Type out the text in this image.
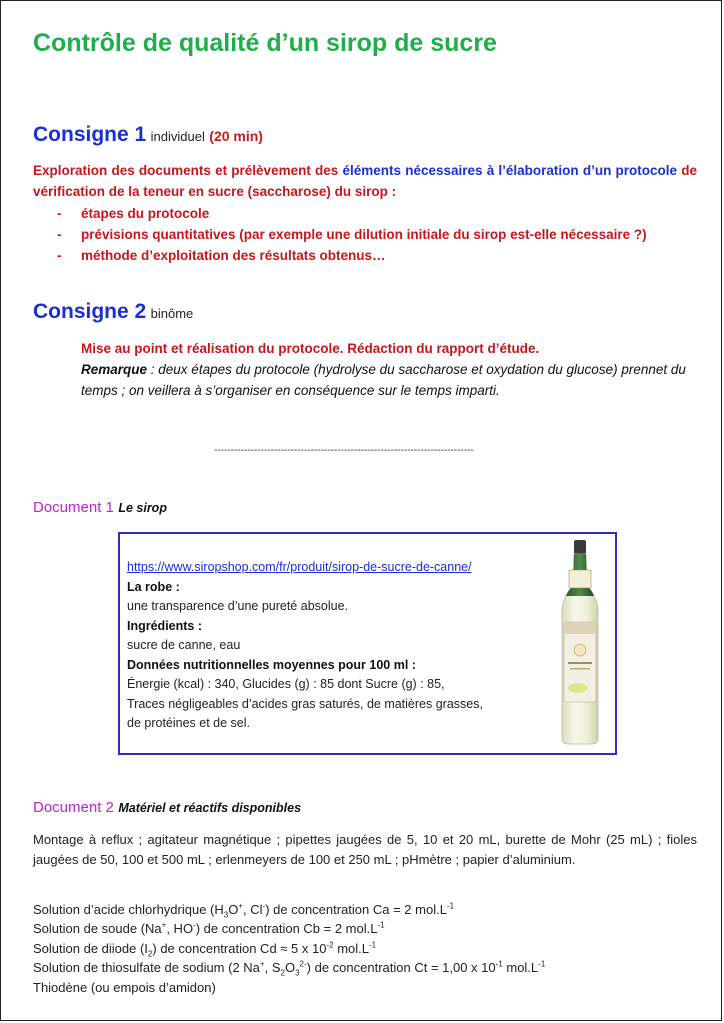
Contrôle de qualité d’un sirop de sucre
Consigne 1 individuel (20 min)
Exploration des documents et prélèvement des éléments nécessaires à l’élaboration d’un protocole de vérification de la teneur en sucre (saccharose) du sirop :
- étapes du protocole
- prévisions quantitatives (par exemple une dilution initiale du sirop est-elle nécessaire ?)
- méthode d’exploitation des résultats obtenus…
Consigne 2 binôme
Mise au point et réalisation du protocole. Rédaction du rapport d’étude.
Remarque : deux étapes du protocole (hydrolyse du saccharose et oxydation du glucose) prennet du temps ; on veillera à s’organiser en conséquence sur le temps imparti.
------------------------------------------------------------------------------
Document 1 Le sirop
https://www.siropshop.com/fr/produit/sirop-de-sucre-de-canne/
La robe :
une transparence d’une pureté absolue.
Ingrédients :
sucre de canne, eau
Données nutritionnelles moyennes pour 100 ml :
Énergie (kcal) : 340, Glucides (g) : 85 dont Sucre (g) : 85,
Traces négligeables d’acides gras saturés, de matières grasses,
de protéines et de sel.
Document 2 Matériel et réactifs disponibles

Montage à reflux ; agitateur magnétique ; pipettes jaugées de 5, 10 et 20 mL, burette de Mohr (25 mL) ; fioles jaugées de 50, 100 et 500 mL ; erlenmeyers de 100 et 250 mL ; pHmètre ; papier d’aluminium.

Solution d’acide chlorhydrique ($H_3O^+$, Cl-) de concentration Ca = 2 $mol.L^{-1}$
Solution de soude (Na+, HO-) de concentration Cb = 2 $mol.L^{-1}$
Solution de diiode $(I_2)$ de concentration Cd ≈ 5 x $10^{-2}$ $mol.L^{-1}$
Solution de thiosulfate de sodium (2 Na+, $S_2O_3^{2-}$) de concentration Ct = 1,00 x $10^{-1}$ $mol.L^{-1}$
Thiodène (ou empois d’amidon)
